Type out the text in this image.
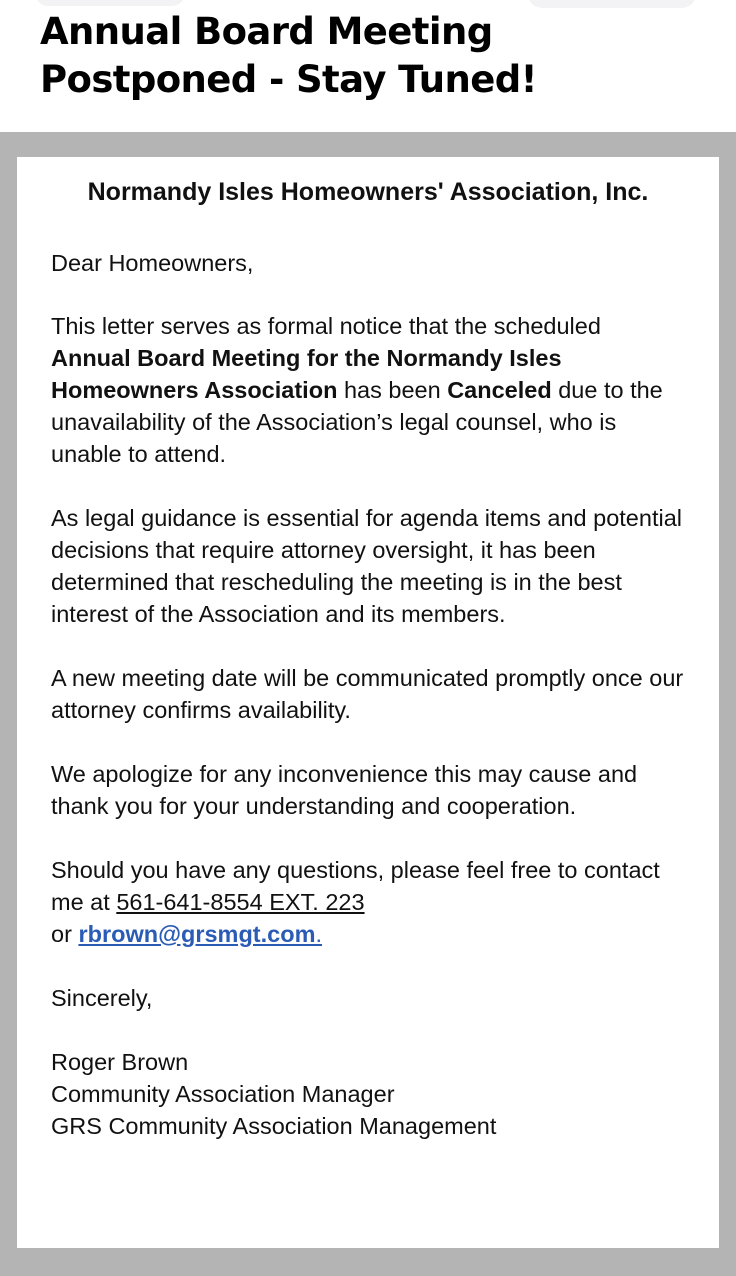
Annual Board Meeting
Postponed - Stay Tuned!

Normandy Isles Homeowners' Association, Inc.

Dear Homeowners,

This letter serves as formal notice that the scheduled Annual Board Meeting for the Normandy Isles Homeowners Association has been Canceled due to the unavailability of the Association’s legal counsel, who is unable to attend.

As legal guidance is essential for agenda items and potential decisions that require attorney oversight, it has been determined that rescheduling the meeting is in the best interest of the Association and its members.

A new meeting date will be communicated promptly once our attorney confirms availability.

We apologize for any inconvenience this may cause and thank you for your understanding and cooperation.

Should you have any questions, please feel free to contact me at 561-641-8554 EXT. 223
or rbrown@grsmgt.com.

Sincerely,

Roger Brown
Community Association Manager
GRS Community Association Management
